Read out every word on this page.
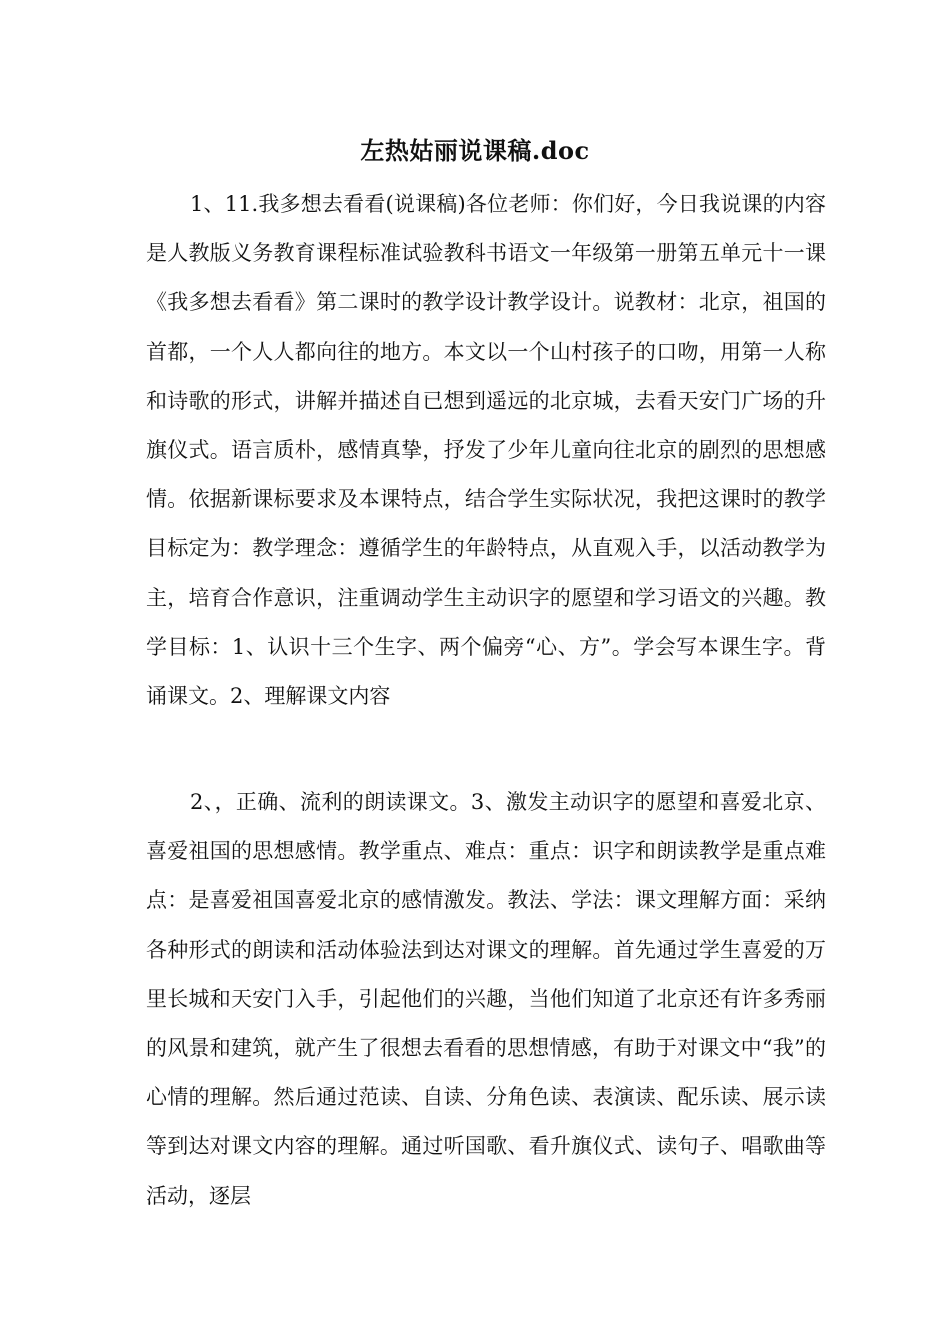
左热姑丽说课稿.doc

1、11.我多想去看看(说课稿)各位老师：你们好，今日我说课的内容是人教版义务教育课程标准试验教科书语文一年级第一册第五单元十一课《我多想去看看》第二课时的教学设计教学设计。说教材：北京，祖国的首都，一个人人都向往的地方。本文以一个山村孩子的口吻，用第一人称和诗歌的形式，讲解并描述自已想到遥远的北京城，去看天安门广场的升旗仪式。语言质朴，感情真挚，抒发了少年儿童向往北京的剧烈的思想感情。依据新课标要求及本课特点，结合学生实际状况，我把这课时的教学目标定为：教学理念：遵循学生的年龄特点，从直观入手，以活动教学为主，培育合作意识，注重调动学生主动识字的愿望和学习语文的兴趣。教学目标：1、认识十三个生字、两个偏旁“心、方”。学会写本课生字。背诵课文。2、理解课文内容

2、，正确、流利的朗读课文。3、激发主动识字的愿望和喜爱北京、喜爱祖国的思想感情。教学重点、难点：重点：识字和朗读教学是重点难点：是喜爱祖国喜爱北京的感情激发。教法、学法：课文理解方面：采纳各种形式的朗读和活动体验法到达对课文的理解。首先通过学生喜爱的万里长城和天安门入手，引起他们的兴趣，当他们知道了北京还有许多秀丽的风景和建筑，就产生了很想去看看的思想情感，有助于对课文中“我”的心情的理解。然后通过范读、自读、分角色读、表演读、配乐读、展示读等到达对课文内容的理解。通过听国歌、看升旗仪式、读句子、唱歌曲等活动，逐层
